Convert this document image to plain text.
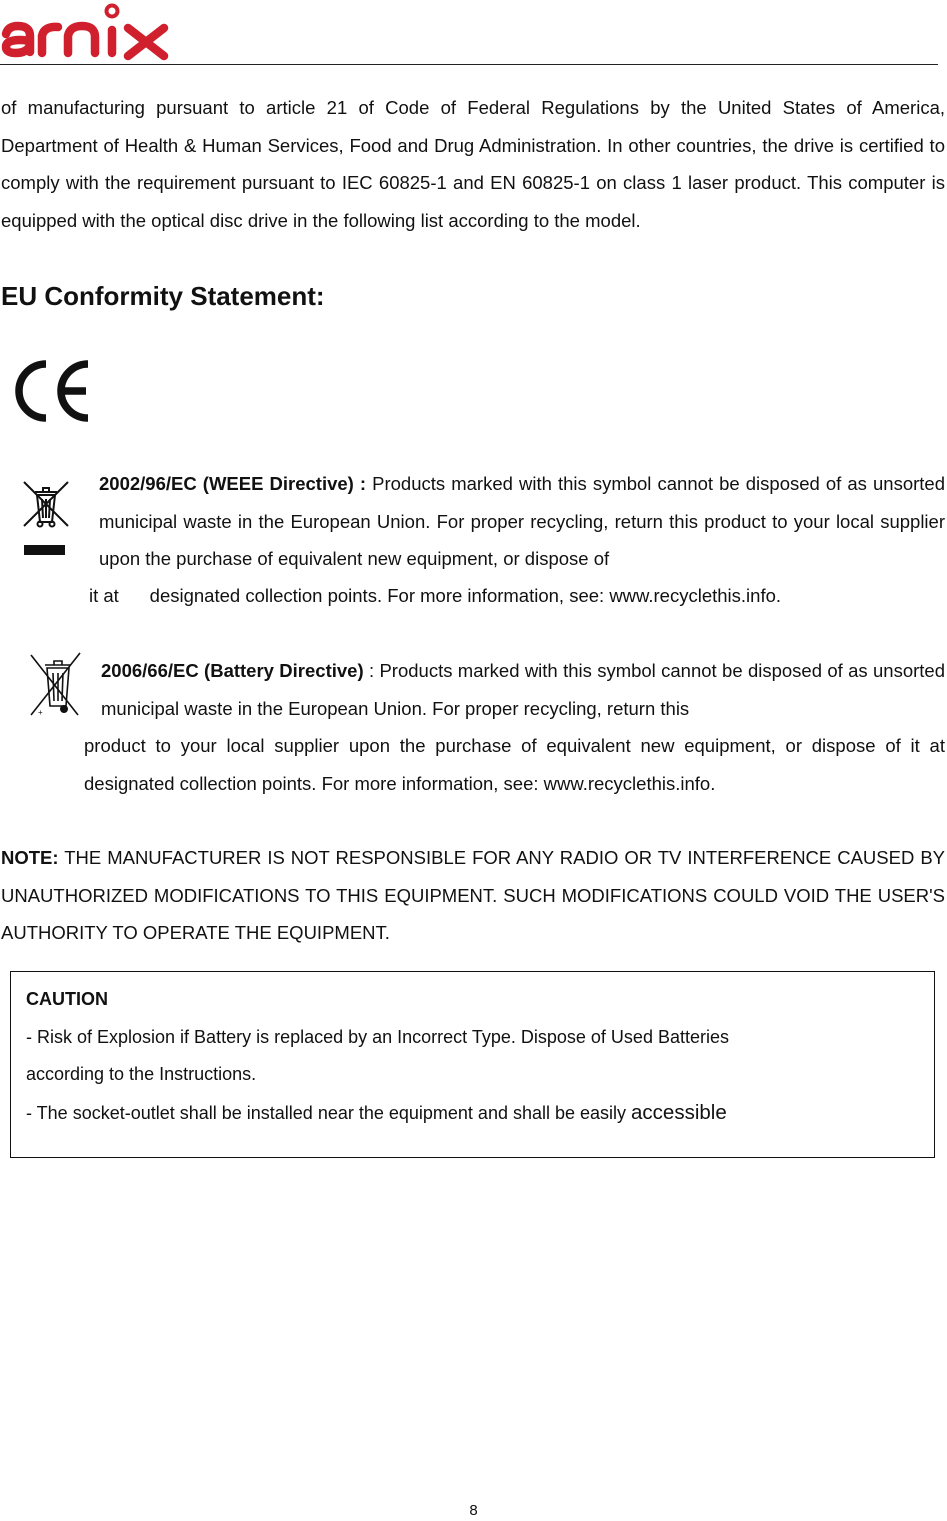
of manufacturing pursuant to article 21 of Code of Federal Regulations by the United States of America, Department of Health & Human Services, Food and Drug Administration. In other countries, the drive is certified to comply with the requirement pursuant to IEC 60825-1 and EN 60825-1 on class 1 laser product. This computer is equipped with the optical disc drive in the following list according to the model.

EU Conformity Statement:

2002/96/EC (WEEE Directive) : Products marked with this symbol cannot be disposed of as unsorted municipal waste in the European Union. For proper recycling, return this product to your local supplier upon the purchase of equivalent new equipment, or dispose of

it at      designated collection points. For more information, see: www.recyclethis.info.

+

2006/66/EC (Battery Directive) : Products marked with this symbol cannot be disposed of as unsorted municipal waste in the European Union. For proper recycling, return this

product to your local supplier upon the purchase of equivalent new equipment, or dispose of it at designated collection points. For more information, see: www.recyclethis.info.

NOTE: THE MANUFACTURER IS NOT RESPONSIBLE FOR ANY RADIO OR TV INTERFERENCE CAUSED BY UNAUTHORIZED MODIFICATIONS TO THIS EQUIPMENT. SUCH MODIFICATIONS COULD VOID THE USER'S AUTHORITY TO OPERATE THE EQUIPMENT.

CAUTION

- Risk of Explosion if Battery is replaced by an Incorrect Type. Dispose of Used Batteries

according to the Instructions.

- The socket-outlet shall be installed near the equipment and shall be easily accessible

8
